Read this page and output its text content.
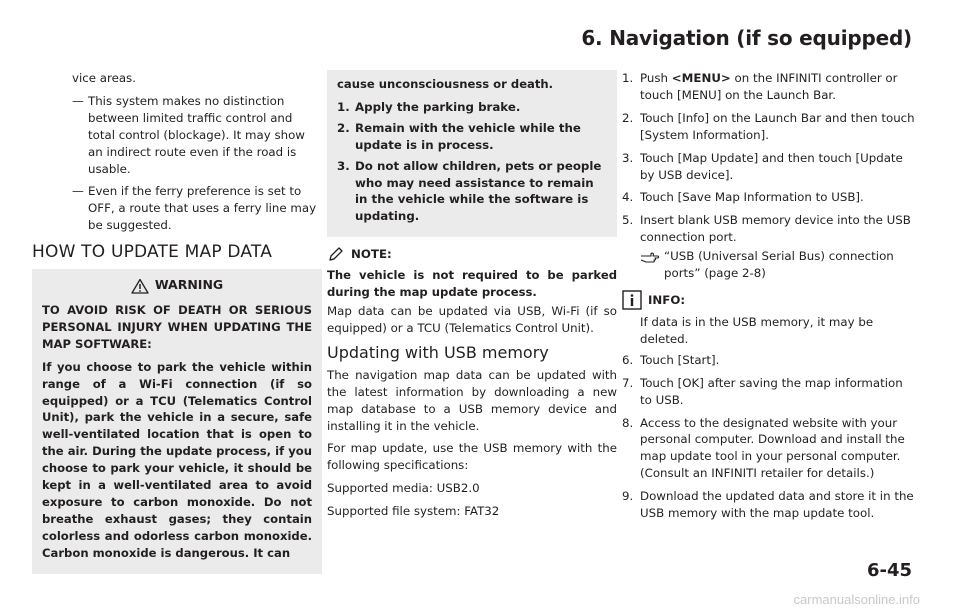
6. Navigation (if so equipped)
vice areas.
— This system makes no distinction between limited traffic control and total control (blockage). It may show an indirect route even if the road is usable.
— Even if the ferry preference is set to OFF, a route that uses a ferry line may be suggested.
HOW TO UPDATE MAP DATA
WARNING
TO AVOID RISK OF DEATH OR SERIOUS PERSONAL INJURY WHEN UPDATING THE MAP SOFTWARE:
If you choose to park the vehicle within range of a Wi-Fi connection (if so equipped) or a TCU (Telematics Control Unit), park the vehicle in a secure, safe well-ventilated location that is open to the air. During the update process, if you choose to park your vehicle, it should be kept in a well-ventilated area to avoid exposure to carbon monoxide. Do not breathe exhaust gases; they contain colorless and odorless carbon monoxide. Carbon monoxide is dangerous. It can
cause unconsciousness or death.
1. Apply the parking brake.
2. Remain with the vehicle while the update is in process.
3. Do not allow children, pets or people who may need assistance to remain in the vehicle while the software is updating.
NOTE:
The vehicle is not required to be parked during the map update process.
Map data can be updated via USB, Wi-Fi (if so equipped) or a TCU (Telematics Control Unit).
Updating with USB memory
The navigation map data can be updated with the latest information by downloading a new map database to a USB memory device and installing it in the vehicle.
For map update, use the USB memory with the following specifications:
Supported media: USB2.0
Supported file system: FAT32
1. Push <MENU> on the INFINITI controller or touch [MENU] on the Launch Bar.
2. Touch [Info] on the Launch Bar and then touch [System Information].
3. Touch [Map Update] and then touch [Update by USB device].
4. Touch [Save Map Information to USB].
5. Insert blank USB memory device into the USB connection port.
“USB (Universal Serial Bus) connection ports” (page 2-8)
INFO:
If data is in the USB memory, it may be deleted.
6. Touch [Start].
7. Touch [OK] after saving the map information to USB.
8. Access to the designated website with your personal computer. Download and install the map update tool in your personal computer. (Consult an INFINITI retailer for details.)
9. Download the updated data and store it in the USB memory with the map update tool.
6-45
carmanualsonline.info
